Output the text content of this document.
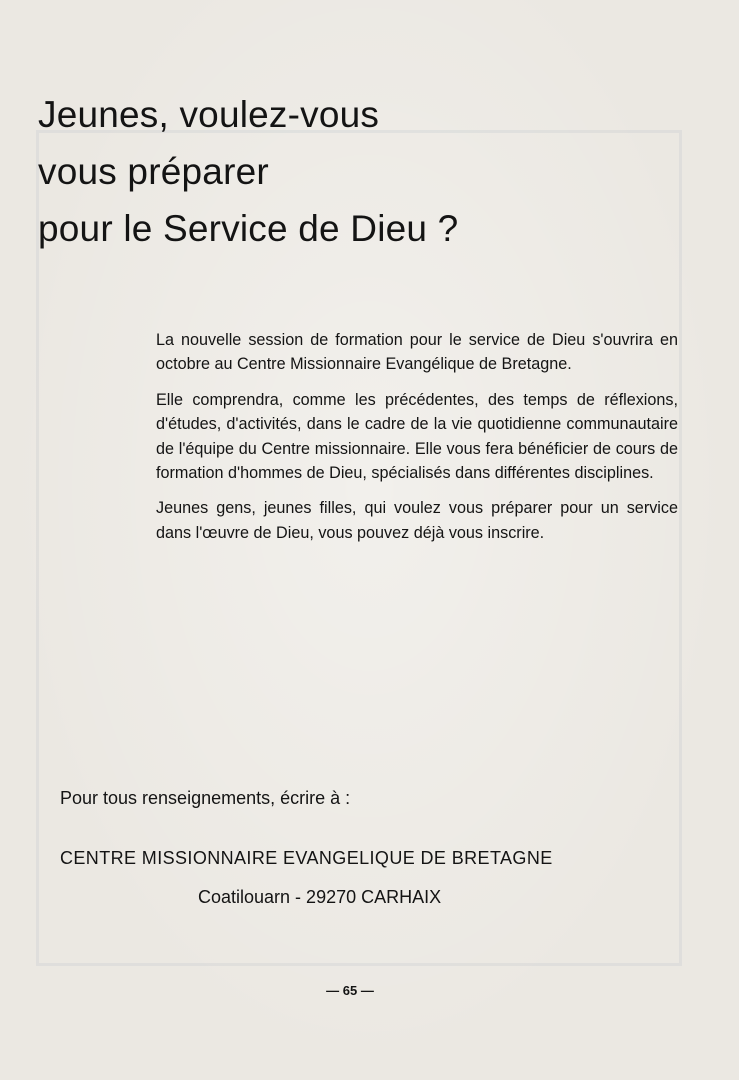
Jeunes, voulez-vous
vous préparer
pour le Service de Dieu ?

La nouvelle session de formation pour le service de Dieu s'ouvrira en octobre au Centre Missionnaire Evangélique de Bretagne.

Elle comprendra, comme les précédentes, des temps de réflexions, d'études, d'activités, dans le cadre de la vie quotidienne communautaire de l'équipe du Centre missionnaire. Elle vous fera bénéficier de cours de formation d'hommes de Dieu, spécialisés dans différentes disciplines.

Jeunes gens, jeunes filles, qui voulez vous préparer pour un service dans l'œuvre de Dieu, vous pouvez déjà vous inscrire.

Pour tous renseignements, écrire à :
CENTRE MISSIONNAIRE EVANGELIQUE DE BRETAGNE
Coatilouarn - 29270 CARHAIX
— 65 —
